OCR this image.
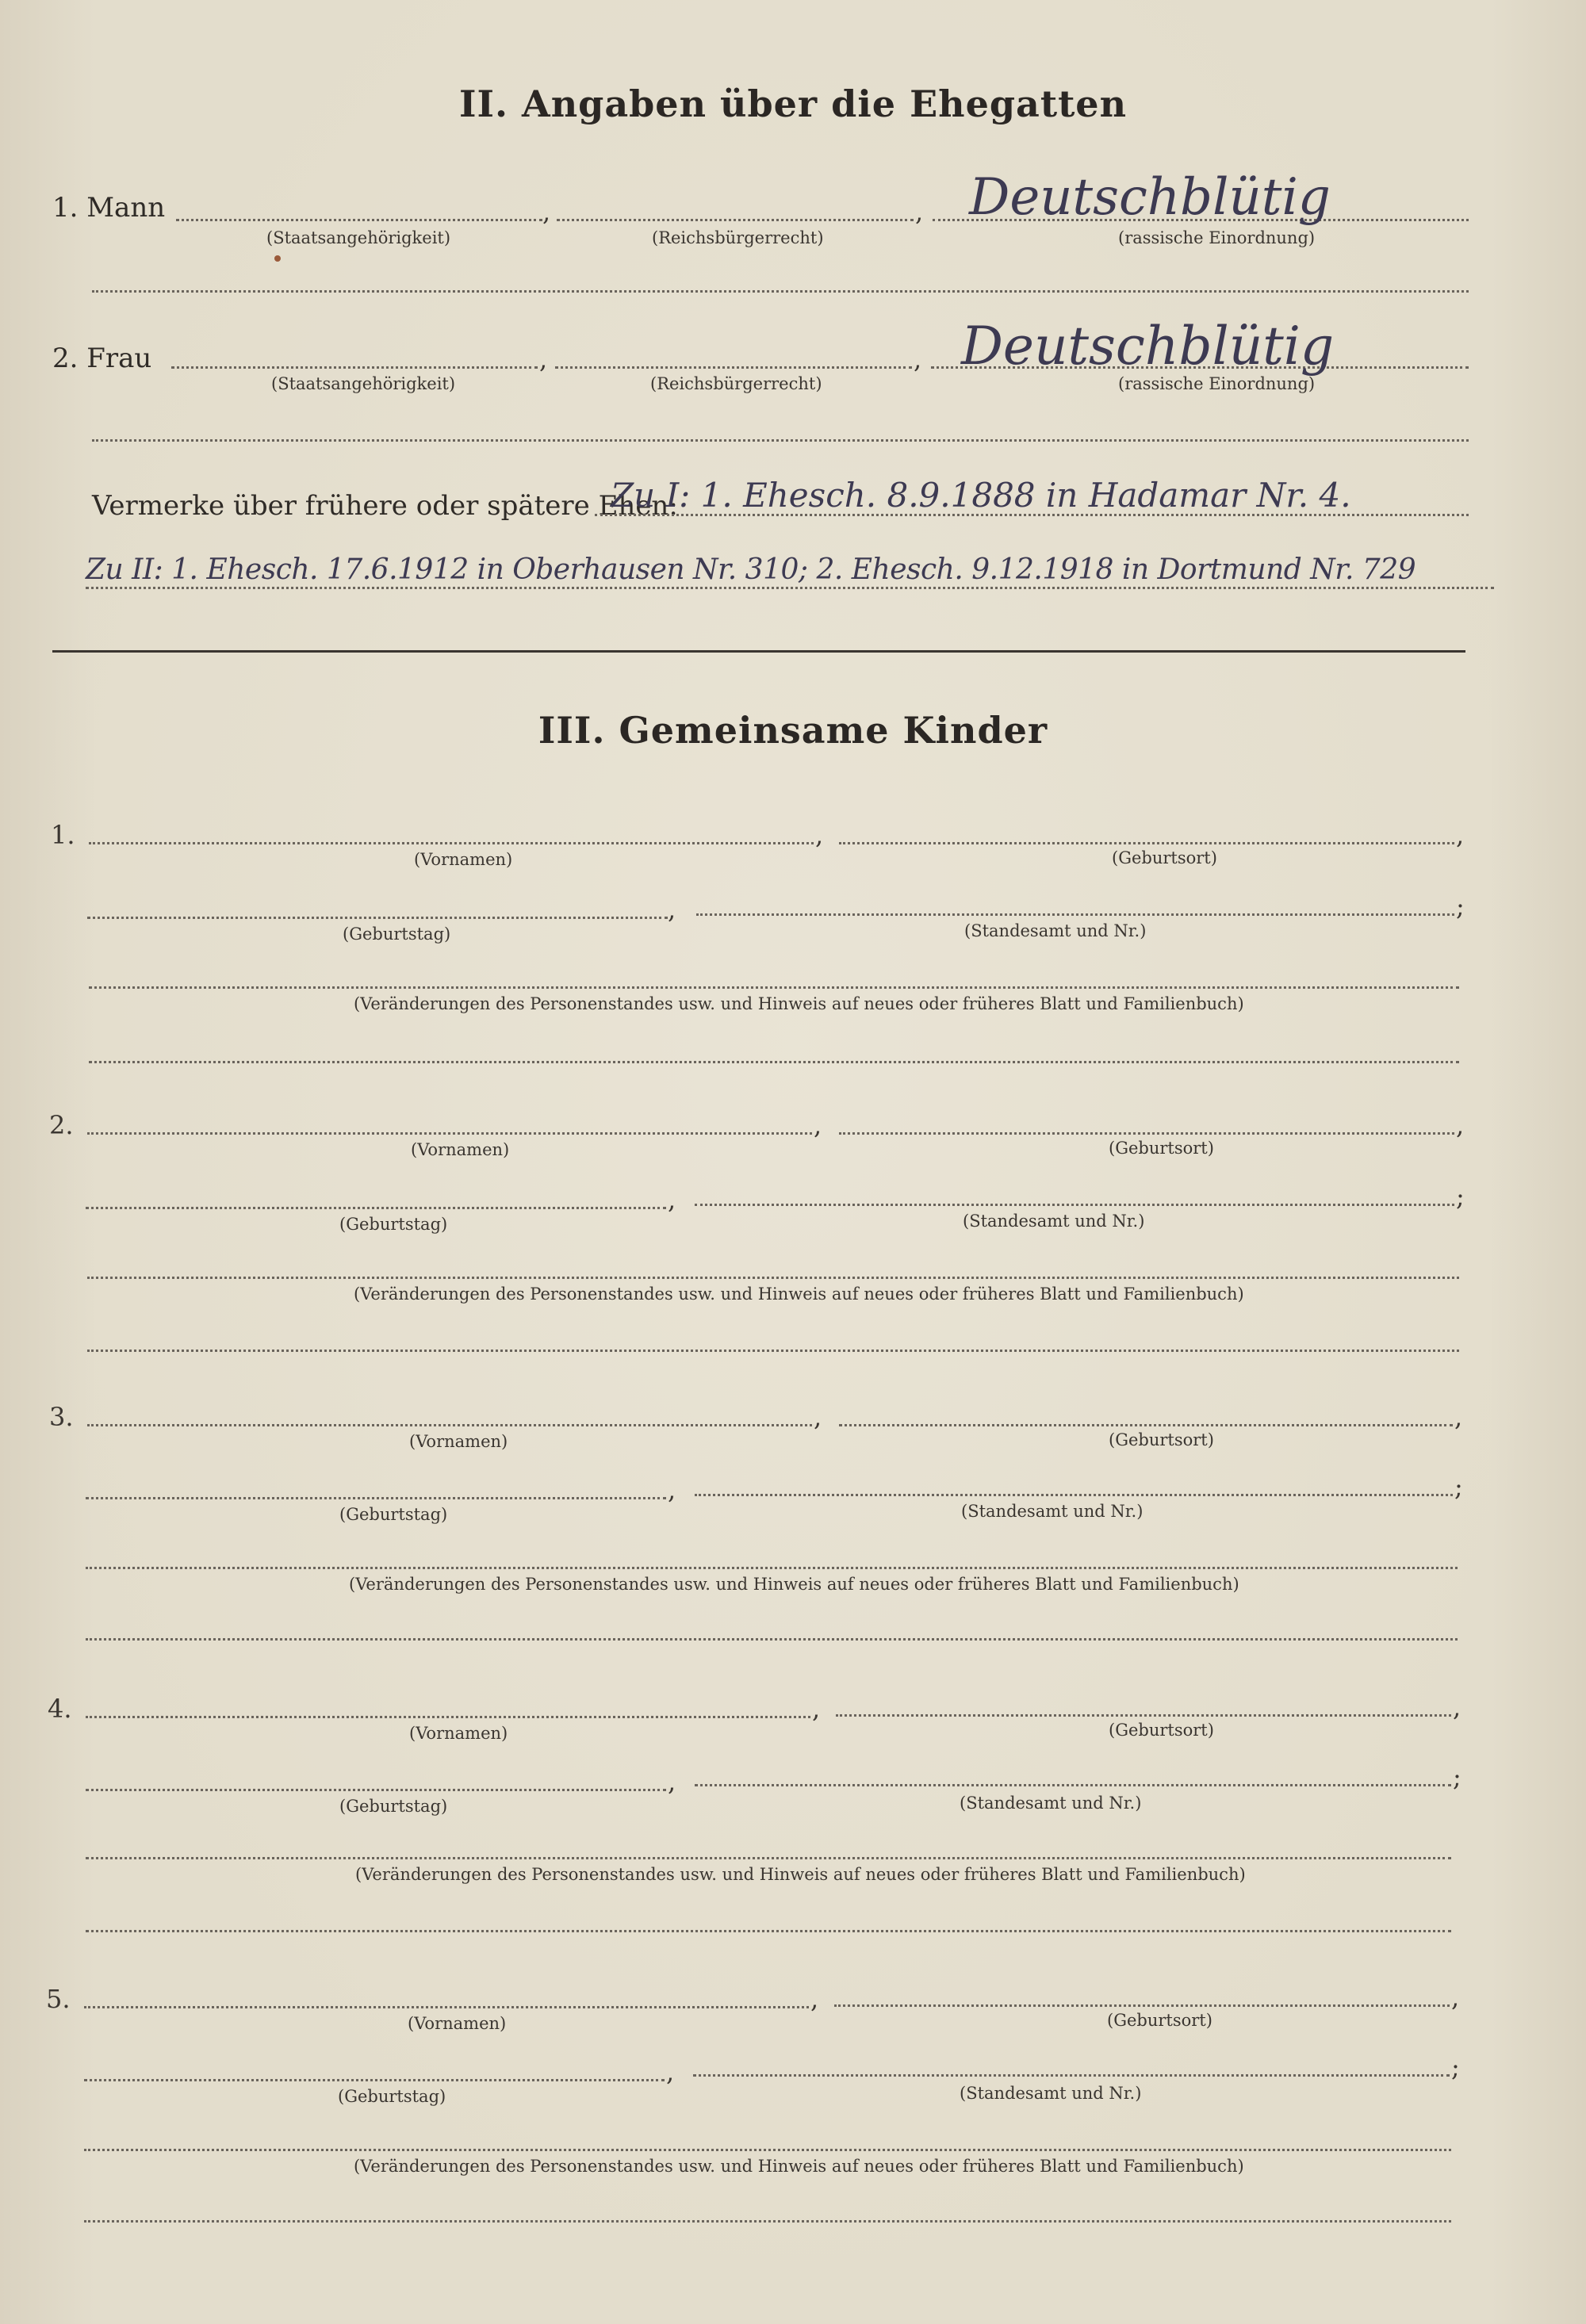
II. Angaben über die Ehegatten
1. Mann	,	, Deutschblütig
(Staatsangehörigkeit)	(Reichsbürgerrecht)	(rassische Einordnung)
2. Frau	,	, Deutschblütig
(Staatsangehörigkeit)	(Reichsbürgerrecht)	(rassische Einordnung)
Vermerke über frühere oder spätere Ehen:
Zu I: 1. Ehesch. 8.9.1888 in Hadamar Nr. 4.
Zu II: 1. Ehesch. 17.6.1912 in Oberhausen Nr. 310; 2. Ehesch. 9.12.1918 in Dortmund Nr. 729
III. Gemeinsame Kinder
1.	,	,
(Vornamen)	(Geburtsort)
,	;
(Geburtstag)	(Standesamt und Nr.)
(Veränderungen des Personenstandes usw. und Hinweis auf neues oder früheres Blatt und Familienbuch)
2.	,	,
(Vornamen)	(Geburtsort)
,	;
(Geburtstag)	(Standesamt und Nr.)
(Veränderungen des Personenstandes usw. und Hinweis auf neues oder früheres Blatt und Familienbuch)
3.	,	,
(Vornamen)	(Geburtsort)
,	;
(Geburtstag)	(Standesamt und Nr.)
(Veränderungen des Personenstandes usw. und Hinweis auf neues oder früheres Blatt und Familienbuch)
4.	,	,
(Vornamen)	(Geburtsort)
,	;
(Geburtstag)	(Standesamt und Nr.)
(Veränderungen des Personenstandes usw. und Hinweis auf neues oder früheres Blatt und Familienbuch)
5.	,	,
(Vornamen)	(Geburtsort)
,	;
(Geburtstag)	(Standesamt und Nr.)
(Veränderungen des Personenstandes usw. und Hinweis auf neues oder früheres Blatt und Familienbuch)
